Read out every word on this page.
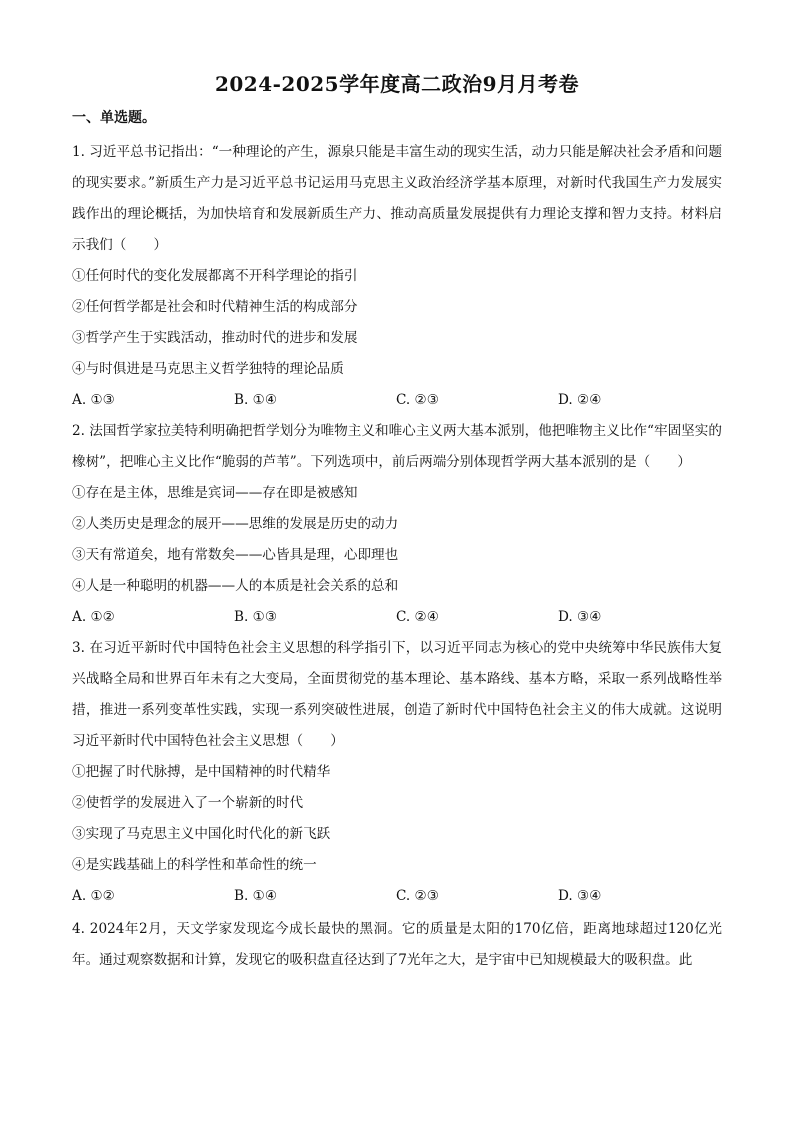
2024-2025学年度高二政治9月月考卷
一、单选题。

1. 习近平总书记指出：“一种理论的产生，源泉只能是丰富生动的现实生活，动力只能是解决社会矛盾和问题的现实要求。”新质生产力是习近平总书记运用马克思主义政治经济学基本原理，对新时代我国生产力发展实践作出的理论概括，为加快培育和发展新质生产力、推动高质量发展提供有力理论支撑和智力支持。材料启示我们（　　）

①任何时代的变化发展都离不开科学理论的指引

②任何哲学都是社会和时代精神生活的构成部分

③哲学产生于实践活动，推动时代的进步和发展

④与时俱进是马克思主义哲学独特的理论品质

A. ①③	B. ①④	C. ②③	D. ②④

2. 法国哲学家拉美特利明确把哲学划分为唯物主义和唯心主义两大基本派别，他把唯物主义比作“牢固坚实的橡树”，把唯心主义比作“脆弱的芦苇”。下列选项中，前后两端分别体现哲学两大基本派别的是（　　）

①存在是主体，思维是宾词——存在即是被感知

②人类历史是理念的展开——思维的发展是历史的动力

③天有常道矣，地有常数矣——心皆具是理，心即理也

④人是一种聪明的机器——人的本质是社会关系的总和

A. ①②	B. ①③	C. ②④	D. ③④

3. 在习近平新时代中国特色社会主义思想的科学指引下，以习近平同志为核心的党中央统筹中华民族伟大复兴战略全局和世界百年未有之大变局，全面贯彻党的基本理论、基本路线、基本方略，采取一系列战略性举措，推进一系列变革性实践，实现一系列突破性进展，创造了新时代中国特色社会主义的伟大成就。这说明习近平新时代中国特色社会主义思想（　　）

①把握了时代脉搏，是中国精神的时代精华

②使哲学的发展进入了一个崭新的时代

③实现了马克思主义中国化时代化的新飞跃

④是实践基础上的科学性和革命性的统一

A. ①②	B. ①④	C. ②③	D. ③④

4. 2024年2月，天文学家发现迄今成长最快的黑洞。它的质量是太阳的170亿倍，距离地球超过120亿光年。通过观察数据和计算，发现它的吸积盘直径达到了7光年之大，是宇宙中已知规模最大的吸积盘。此
